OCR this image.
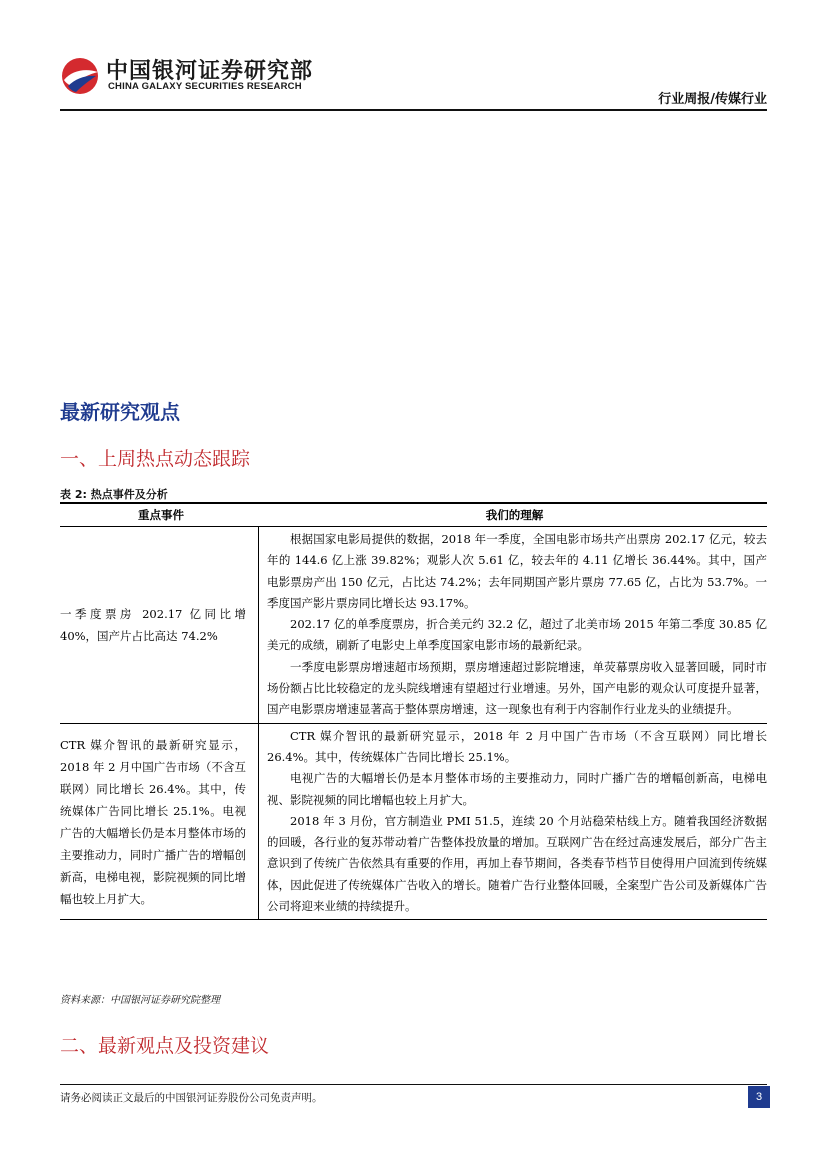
中国银河证券研究部
CHINA GALAXY SECURITIES RESEARCH
行业周报/传媒行业
最新研究观点
一、上周热点动态跟踪
表 2: 热点事件及分析
重点事件	我们的理解
一季度票房 202.17 亿同比增 40%，国产片占比高达 74.2%

根据国家电影局提供的数据，2018 年一季度，全国电影市场共产出票房 202.17 亿元，较去年的 144.6 亿上涨 39.82%；观影人次 5.61 亿，较去年的 4.11 亿增长 36.44%。其中，国产电影票房产出 150 亿元，占比达 74.2%；去年同期国产影片票房 77.65 亿，占比为 53.7%。一季度国产影片票房同比增长达 93.17%。

202.17 亿的单季度票房，折合美元约 32.2 亿，超过了北美市场 2015 年第二季度 30.85 亿美元的成绩，刷新了电影史上单季度国家电影市场的最新纪录。

一季度电影票房增速超市场预期，票房增速超过影院增速，单荧幕票房收入显著回暖，同时市场份额占比比较稳定的龙头院线增速有望超过行业增速。另外，国产电影的观众认可度提升显著，国产电影票房增速显著高于整体票房增速，这一现象也有利于内容制作行业龙头的业绩提升。

CTR 媒介智讯的最新研究显示，2018 年 2 月中国广告市场（不含互联网）同比增长 26.4%。其中，传统媒体广告同比增长 25.1%。电视广告的大幅增长仍是本月整体市场的主要推动力，同时广播广告的增幅创新高，电梯电视，影院视频的同比增幅也较上月扩大。

CTR 媒介智讯的最新研究显示，2018 年 2 月中国广告市场（不含互联网）同比增长 26.4%。其中，传统媒体广告同比增长 25.1%。

电视广告的大幅增长仍是本月整体市场的主要推动力，同时广播广告的增幅创新高，电梯电视、影院视频的同比增幅也较上月扩大。

2018 年 3 月份，官方制造业 PMI 51.5，连续 20 个月站稳荣枯线上方。随着我国经济数据的回暖，各行业的复苏带动着广告整体投放量的增加。互联网广告在经过高速发展后，部分广告主意识到了传统广告依然具有重要的作用，再加上春节期间，各类春节档节目使得用户回流到传统媒体，因此促进了传统媒体广告收入的增长。随着广告行业整体回暖，全案型广告公司及新媒体广告公司将迎来业绩的持续提升。

资料来源：中国银河证券研究院整理
二、最新观点及投资建议
请务必阅读正文最后的中国银河证券股份公司免责声明。	3
